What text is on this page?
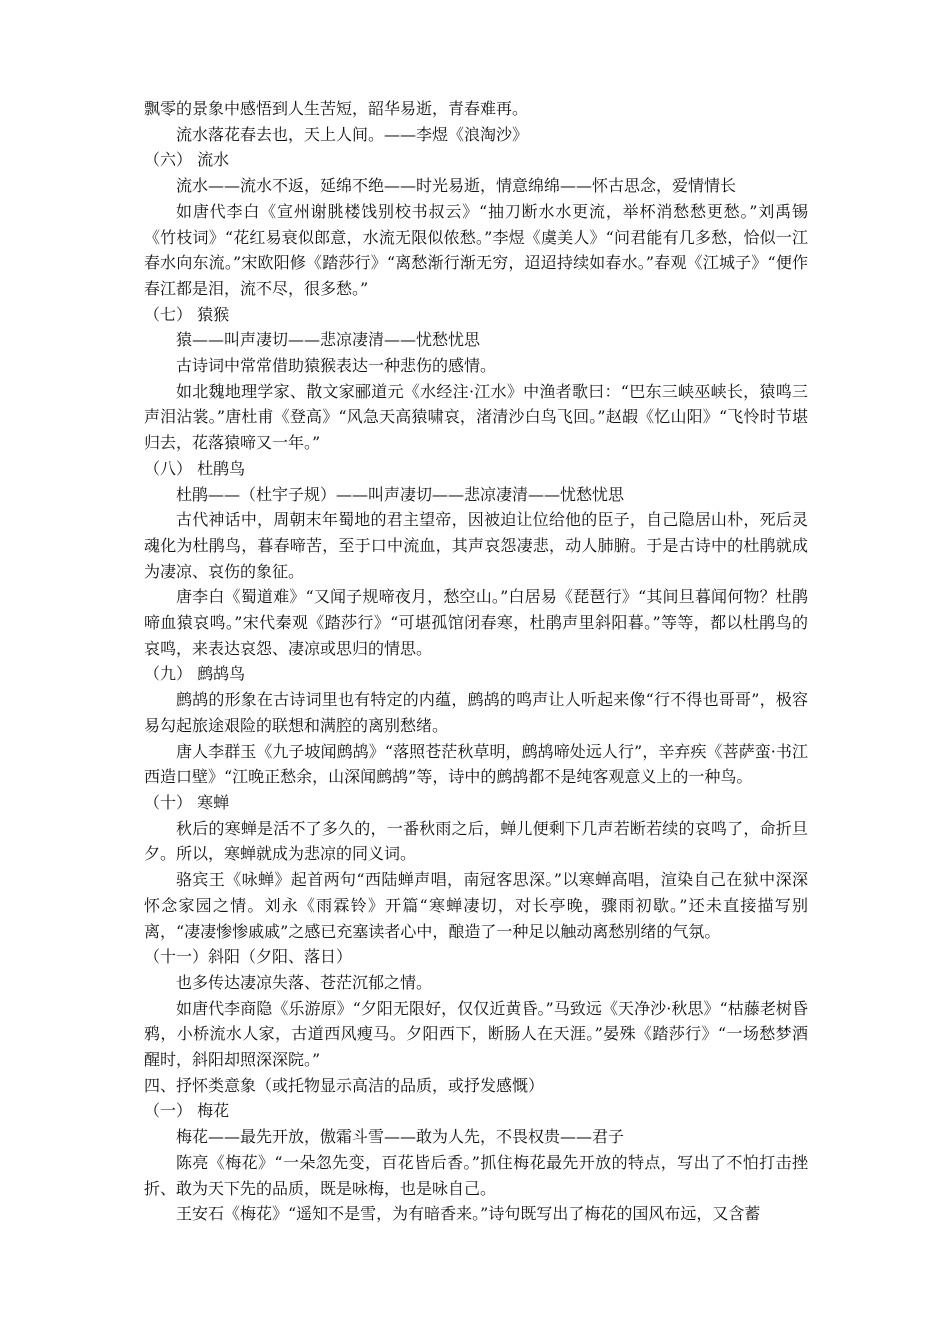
飘零的景象中感悟到人生苦短，韶华易逝，青春难再。

流水落花春去也，天上人间。——李煜《浪淘沙》

（六） 流水

流水——流水不返，延绵不绝——时光易逝，情意绵绵——怀古思念，爱情情长

如唐代李白《宣州谢朓楼饯别校书叔云》“抽刀断水水更流，举杯消愁愁更愁。”刘禹锡《竹枝词》“花红易衰似郎意，水流无限似侬愁。”李煜《虞美人》“问君能有几多愁，恰似一江春水向东流。”宋欧阳修《踏莎行》“离愁渐行渐无穷，迢迢持续如春水。”春观《江城子》“便作春江都是泪，流不尽，很多愁。”

（七） 猿猴

猿——叫声凄切——悲凉凄清——忧愁忧思

古诗词中常常借助猿猴表达一种悲伤的感情。

如北魏地理学家、散文家郦道元《水经注·江水》中渔者歌曰：“巴东三峡巫峡长，猿鸣三声泪沾裳。”唐杜甫《登高》“风急天高猿啸哀，渚清沙白鸟飞回。”赵嘏《忆山阳》“飞怜时节堪归去，花落猿啼又一年。”

（八） 杜鹃鸟

杜鹃——（杜宇子规）——叫声凄切——悲凉凄清——忧愁忧思

古代神话中，周朝末年蜀地的君主望帝，因被迫让位给他的臣子，自己隐居山朴，死后灵魂化为杜鹃鸟，暮春啼苦，至于口中流血，其声哀怨凄悲，动人肺腑。于是古诗中的杜鹃就成为凄凉、哀伤的象征。

唐李白《蜀道难》“又闻子规啼夜月，愁空山。”白居易《琵琶行》“其间旦暮闻何物？杜鹃啼血猿哀鸣。”宋代秦观《踏莎行》“可堪孤馆闭春寒，杜鹃声里斜阳暮。”等等，都以杜鹃鸟的哀鸣，来表达哀怨、凄凉或思归的情思。

（九） 鹧鸪鸟

鹧鸪的形象在古诗词里也有特定的内蕴，鹧鸪的鸣声让人听起来像“行不得也哥哥”，极容易勾起旅途艰险的联想和满腔的离别愁绪。

唐人李群玉《九子坡闻鹧鸪》“落照苍茫秋草明，鹧鸪啼处远人行”，辛弃疾《菩萨蛮·书江西造口壁》“江晚正愁余，山深闻鹧鸪”等，诗中的鹧鸪都不是纯客观意义上的一种鸟。

（十） 寒蝉

秋后的寒蝉是活不了多久的，一番秋雨之后，蝉儿便剩下几声若断若续的哀鸣了，命折旦夕。所以，寒蝉就成为悲凉的同义词。

骆宾王《咏蝉》起首两句“西陆蝉声唱，南冠客思深。”以寒蝉高唱，渲染自己在狱中深深怀念家园之情。刘永《雨霖铃》开篇“寒蝉凄切，对长亭晚，骤雨初歇。”还未直接描写别离，“凄凄惨惨戚戚”之感已充塞读者心中，酿造了一种足以触动离愁别绪的气氛。

（十一）斜阳（夕阳、落日）

也多传达凄凉失落、苍茫沉郁之情。

如唐代李商隐《乐游原》“夕阳无限好，仅仅近黄昏。”马致远《天净沙·秋思》“枯藤老树昏鸦，小桥流水人家，古道西风瘦马。夕阳西下，断肠人在天涯。”晏殊《踏莎行》“一场愁梦酒醒时，斜阳却照深深院。”

四、抒怀类意象（或托物显示高洁的品质，或抒发感慨）

（一） 梅花

梅花——最先开放，傲霜斗雪——敢为人先，不畏权贵——君子

陈亮《梅花》“一朵忽先变，百花皆后香。”抓住梅花最先开放的特点，写出了不怕打击挫折、敢为天下先的品质，既是咏梅，也是咏自己。

王安石《梅花》“遥知不是雪，为有暗香来。”诗句既写出了梅花的国风布远，又含蓄
